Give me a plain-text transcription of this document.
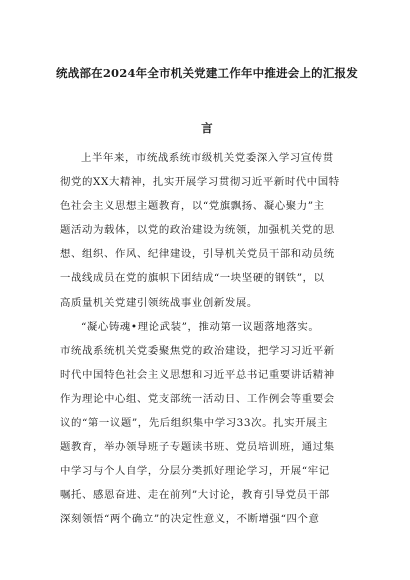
统战部在2024年全市机关党建工作年中推进会上的汇报发
言
上半年来，市统战系统市级机关党委深入学习宣传贯
彻党的XX大精神，扎实开展学习贯彻习近平新时代中国特
色社会主义思想主题教育，以“党旗飘扬、凝心聚力”主
题活动为载体，以党的政治建设为统领，加强机关党的思
想、组织、作风、纪律建设，引导机关党员干部和动员统
一战线成员在党的旗帜下团结成“一块坚硬的钢铁”，以
高质量机关党建引领统战事业创新发展。
“凝心铸魂•理论武装”，推动第一议题落地落实。
市统战系统机关党委聚焦党的政治建设，把学习习近平新
时代中国特色社会主义思想和习近平总书记重要讲话精神
作为理论中心组、党支部统一活动日、工作例会等重要会
议的“第一议题”，先后组织集中学习33次。扎实开展主
题教育，举办领导班子专题读书班、党员培训班，通过集
中学习与个人自学，分层分类抓好理论学习，开展“牢记
嘱托、感恩奋进、走在前列”大讨论，教育引导党员干部
深刻领悟“两个确立”的决定性意义，不断增强“四个意
